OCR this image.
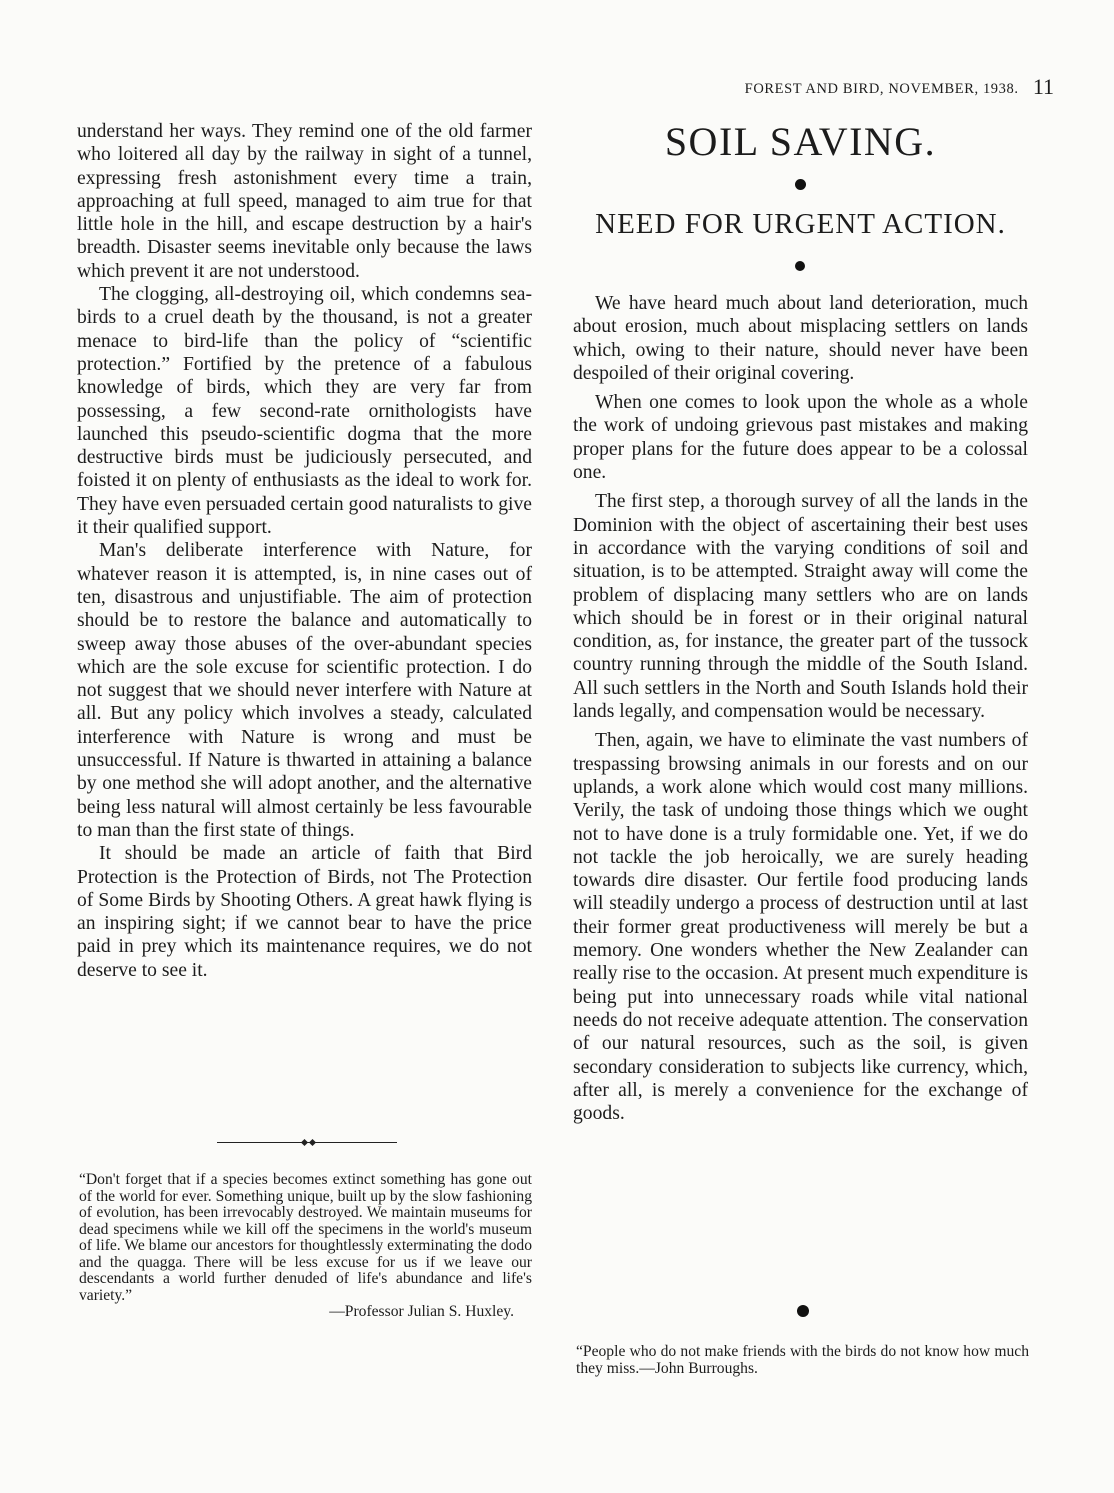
FOREST AND BIRD, NOVEMBER, 1938. 11

understand her ways. They remind one of the old farmer who loitered all day by the railway in sight of a tunnel, expressing fresh astonishment every time a train, approaching at full speed, managed to aim true for that little hole in the hill, and escape destruction by a hair's breadth. Disaster seems inevitable only because the laws which prevent it are not understood.

The clogging, all-destroying oil, which condemns sea-birds to a cruel death by the thousand, is not a greater menace to bird-life than the policy of “scientific protection.” Fortified by the pretence of a fabulous knowledge of birds, which they are very far from possessing, a few second-rate ornithologists have launched this pseudo-scientific dogma that the more destructive birds must be judiciously persecuted, and foisted it on plenty of enthusiasts as the ideal to work for. They have even persuaded certain good naturalists to give it their qualified support.

Man's deliberate interference with Nature, for whatever reason it is attempted, is, in nine cases out of ten, disastrous and unjustifiable. The aim of protection should be to restore the balance and automatically to sweep away those abuses of the over-abundant species which are the sole excuse for scientific protection. I do not suggest that we should never interfere with Nature at all. But any policy which involves a steady, calculated interference with Nature is wrong and must be unsuccessful. If Nature is thwarted in attaining a balance by one method she will adopt another, and the alternative being less natural will almost certainly be less favourable to man than the first state of things.

It should be made an article of faith that Bird Protection is the Protection of Birds, not The Protection of Some Birds by Shooting Others. A great hawk flying is an inspiring sight; if we cannot bear to have the price paid in prey which its maintenance requires, we do not deserve to see it.

“Don't forget that if a species becomes extinct something has gone out of the world for ever. Something unique, built up by the slow fashioning of evolution, has been irrevocably destroyed. We maintain museums for dead specimens while we kill off the specimens in the world's museum of life. We blame our ancestors for thoughtlessly exterminating the dodo and the quagga. There will be less excuse for us if we leave our descendants a world further denuded of life's abundance and life's variety.”

—Professor Julian S. Huxley.

SOIL SAVING.
NEED FOR URGENT ACTION.

We have heard much about land deterioration, much about erosion, much about misplacing settlers on lands which, owing to their nature, should never have been despoiled of their original covering.

When one comes to look upon the whole as a whole the work of undoing grievous past mistakes and making proper plans for the future does appear to be a colossal one.

The first step, a thorough survey of all the lands in the Dominion with the object of ascertaining their best uses in accordance with the varying conditions of soil and situation, is to be attempted. Straight away will come the problem of displacing many settlers who are on lands which should be in forest or in their original natural condition, as, for instance, the greater part of the tussock country running through the middle of the South Island. All such settlers in the North and South Islands hold their lands legally, and compensation would be necessary.

Then, again, we have to eliminate the vast numbers of trespassing browsing animals in our forests and on our uplands, a work alone which would cost many millions. Verily, the task of undoing those things which we ought not to have done is a truly formidable one. Yet, if we do not tackle the job heroically, we are surely heading towards dire disaster. Our fertile food producing lands will steadily undergo a process of destruction until at last their former great productiveness will merely be but a memory. One wonders whether the New Zealander can really rise to the occasion. At present much expenditure is being put into unnecessary roads while vital national needs do not receive adequate attention. The conservation of our natural resources, such as the soil, is given secondary consideration to subjects like currency, which, after all, is merely a convenience for the exchange of goods.

“People who do not make friends with the birds do not know how much they miss.—John Burroughs.
